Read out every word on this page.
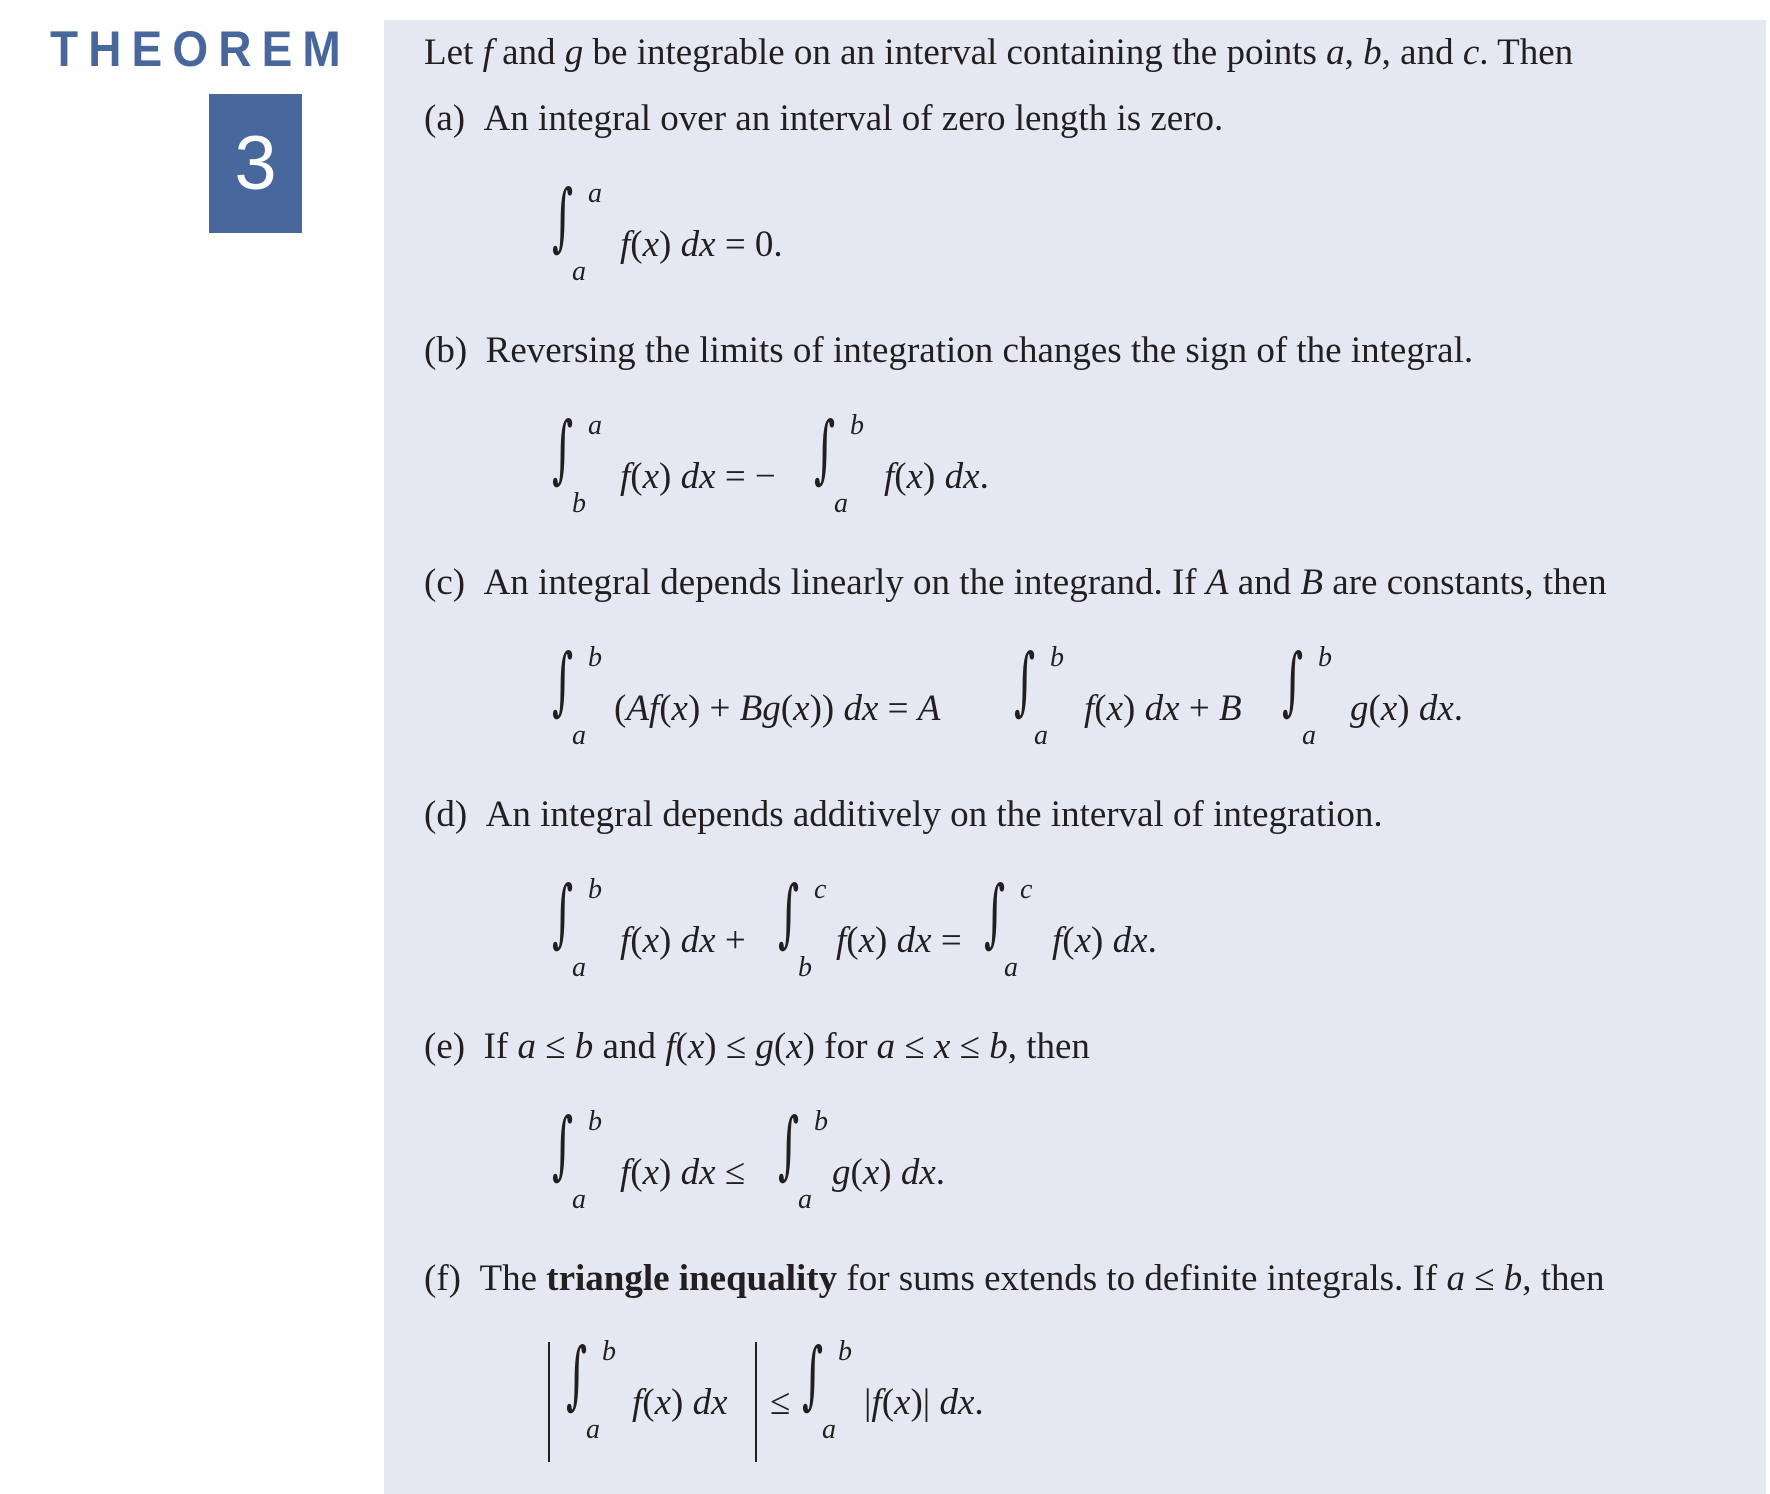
THEOREM
3
Let f and g be integrable on an interval containing the points a, b, and c. Then
(a) An integral over an interval of zero length is zero.
∫ a
a
f(x) dx = 0.
(b) Reversing the limits of integration changes the sign of the integral.
∫ a
b
f(x) dx = − ∫ b
a
f(x) dx.
(c)  An integral depends linearly on the integrand. If A and B are constants, then
∫ b
a
(Af(x) + Bg(x)) dx = A ∫ b
a
f(x) dx + B ∫ b
a
g(x) dx.
(d) An integral depends additively on the interval of integration.
∫ b
a
f(x) dx + ∫ c
b
f(x) dx = ∫ c
a
f(x) dx.
(e)  If a ≤ b and f(x) ≤ g(x) for a ≤ x ≤ b, then
∫ b
a
f(x) dx ≤ ∫ b
a
g(x) dx.
(f) The triangle inequality for sums extends to definite integrals. If a ≤ b, then
∫ b
a
f(x) dx ≤ ∫ b
a
|f(x)| dx.
